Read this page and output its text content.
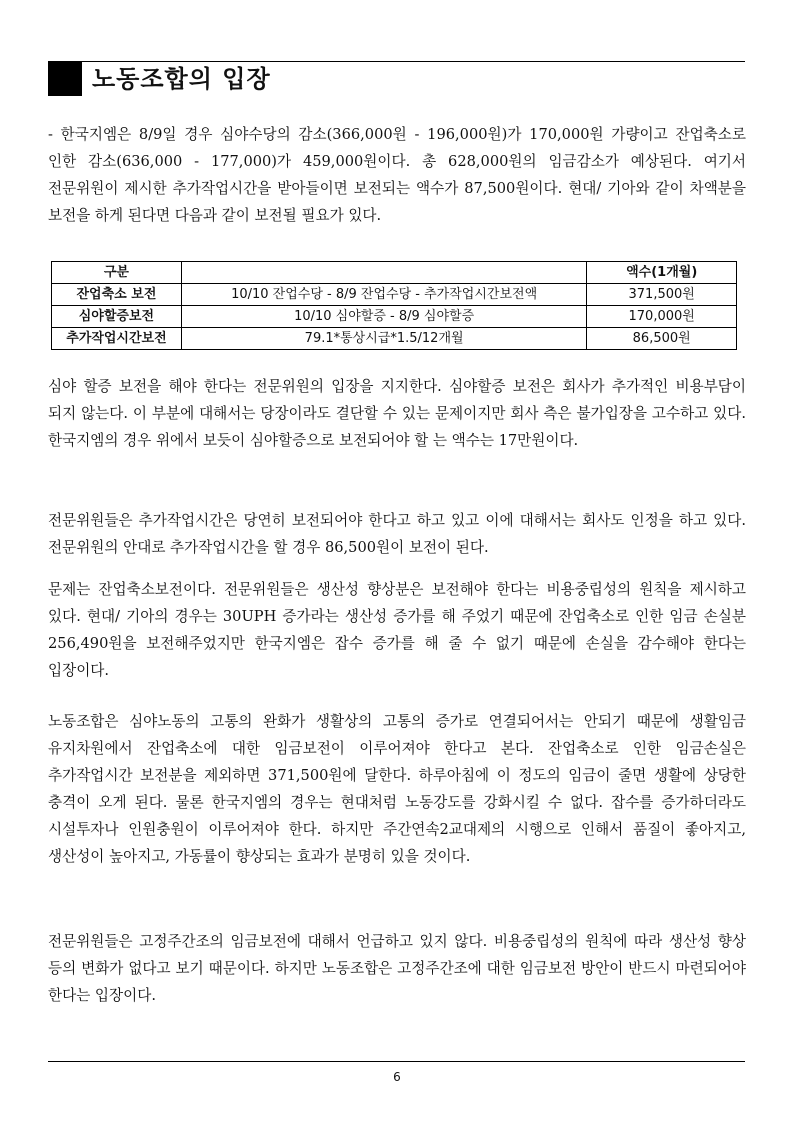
노동조합의 입장

- 한국지엠은 8/9일 경우 심야수당의 감소(366,000원 - 196,000원)가 170,000원 가량이고 잔업축소로 인한 감소(636,000 - 177,000)가 459,000원이다. 총 628,000원의 임금감소가 예상된다. 여기서 전문위원이 제시한 추가작업시간을 받아들이면 보전되는 액수가 87,500원이다. 현대/ 기아와 같이 차액분을 보전을 하게 된다면 다음과 같이 보전될 필요가 있다.

구분		액수(1개월)
잔업축소 보전	10/10 잔업수당 - 8/9 잔업수당 - 추가작업시간보전액	371,500원
심야할증보전	10/10 심야할증 - 8/9 심야할증	170,000원
추가작업시간보전	79.1*통상시급*1.5/12개월	86,500원

심야 할증 보전을 해야 한다는 전문위원의 입장을 지지한다. 심야할증 보전은 회사가 추가적인 비용부담이 되지 않는다. 이 부분에 대해서는 당장이라도 결단할 수 있는 문제이지만 회사 측은 불가입장을 고수하고 있다. 한국지엠의 경우 위에서 보듯이 심야할증으로 보전되어야 할 는 액수는 17만원이다.

전문위원들은 추가작업시간은 당연히 보전되어야 한다고 하고 있고 이에 대해서는 회사도 인정을 하고 있다. 전문위원의 안대로 추가작업시간을 할 경우 86,500원이 보전이 된다.

문제는 잔업축소보전이다. 전문위원들은 생산성 향상분은 보전해야 한다는 비용중립성의 원칙을 제시하고 있다. 현대/ 기아의 경우는 30UPH 증가라는 생산성 증가를 해 주었기 때문에 잔업축소로 인한 임금 손실분 256,490원을 보전해주었지만 한국지엠은 잡수 증가를 해 줄 수 없기 때문에 손실을 감수해야 한다는 입장이다.

노동조합은 심야노동의 고통의 완화가 생활상의 고통의 증가로 연결되어서는 안되기 때문에 생활임금 유지차원에서 잔업축소에 대한 임금보전이 이루어져야 한다고 본다. 잔업축소로 인한 임금손실은 추가작업시간 보전분을 제외하면 371,500원에 달한다. 하루아침에 이 정도의 임금이 줄면 생활에 상당한 충격이 오게 된다. 물론 한국지엠의 경우는 현대처럼 노동강도를 강화시킬 수 없다. 잡수를 증가하더라도 시설투자나 인원충원이 이루어져야 한다. 하지만 주간연속2교대제의 시행으로 인해서 품질이 좋아지고, 생산성이 높아지고, 가동률이 향상되는 효과가 분명히 있을 것이다.

전문위원들은 고정주간조의 임금보전에 대해서 언급하고 있지 않다. 비용중립성의 원칙에 따라 생산성 향상 등의 변화가 없다고 보기 때문이다. 하지만 노동조합은 고정주간조에 대한 임금보전 방안이 반드시 마련되어야 한다는 입장이다.

6
